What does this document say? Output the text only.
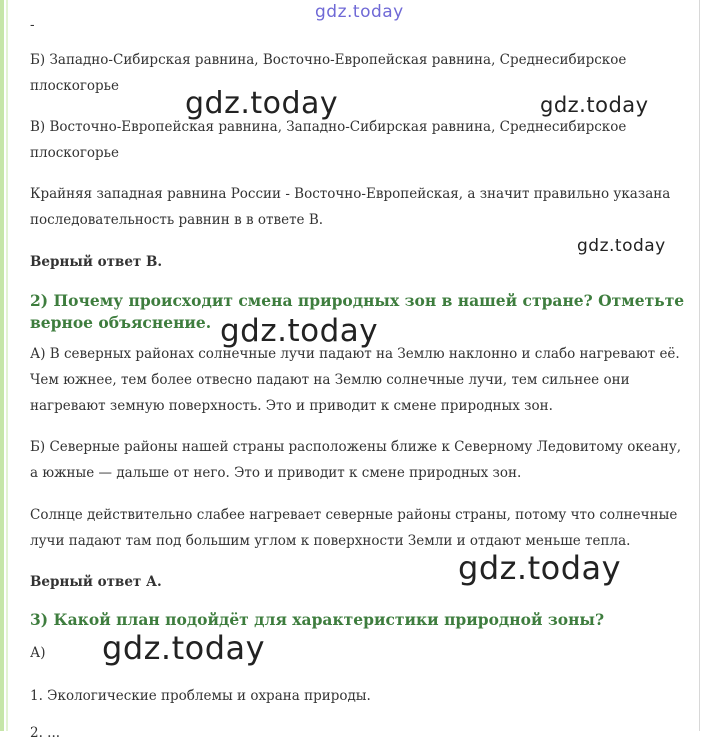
-

Б) Западно-Сибирская равнина, Восточно-Европейская равнина, Среднесибирское плоскогорье

В) Восточно-Европейская равнина, Западно-Сибирская равнина, Среднесибирское плоскогорье

Крайняя западная равнина России - Восточно-Европейская, а значит правильно указана последовательность равнин в в ответе В.

Верный ответ В.

2) Почему происходит смена природных зон в нашей стране? Отметьте верное объяснение.

А) В северных районах солнечные лучи падают на Землю наклонно и слабо нагревают её. Чем южнее, тем более отвесно падают на Землю солнечные лучи, тем сильнее они нагревают земную поверхность. Это и приводит к смене природных зон.

Б) Северные районы нашей страны расположены ближе к Северному Ледовитому океану, а южные — дальше от него. Это и приводит к смене природных зон.

Солнце действительно слабее нагревает северные районы страны, потому что солнечные лучи падают там под большим углом к поверхности Земли и отдают меньше тепла.

Верный ответ А.

3) Какой план подойдёт для характеристики природной зоны?

А)

1. Экологические проблемы и охрана природы.

2. ...

gdz.today
gdz.today	gdz.today
gdz.today
gdz.today
gdz.today
gdz.today
